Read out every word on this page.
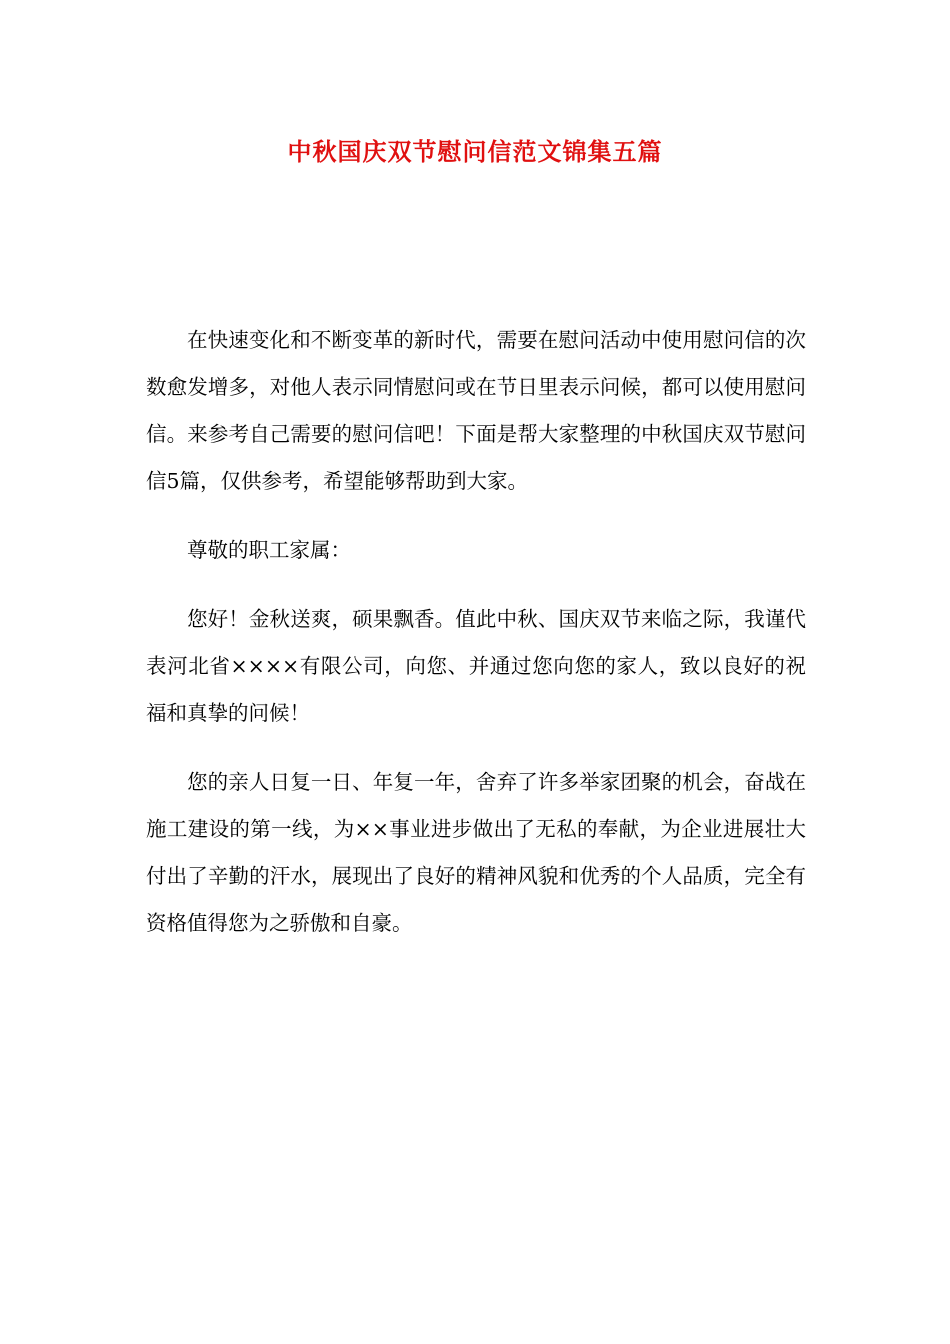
中秋国庆双节慰问信范文锦集五篇

在快速变化和不断变革的新时代，需要在慰问活动中使用慰问信的次数愈发增多，对他人表示同情慰问或在节日里表示问候，都可以使用慰问信。来参考自己需要的慰问信吧！下面是帮大家整理的中秋国庆双节慰问信5篇，仅供参考，希望能够帮助到大家。

尊敬的职工家属：

您好！金秋送爽，硕果飘香。值此中秋、国庆双节来临之际，我谨代表河北省××××有限公司，向您、并通过您向您的家人，致以良好的祝福和真挚的问候！

您的亲人日复一日、年复一年，舍弃了许多举家团聚的机会，奋战在施工建设的第一线，为××事业进步做出了无私的奉献，为企业进展壮大付出了辛勤的汗水，展现出了良好的精神风貌和优秀的个人品质，完全有资格值得您为之骄傲和自豪。
